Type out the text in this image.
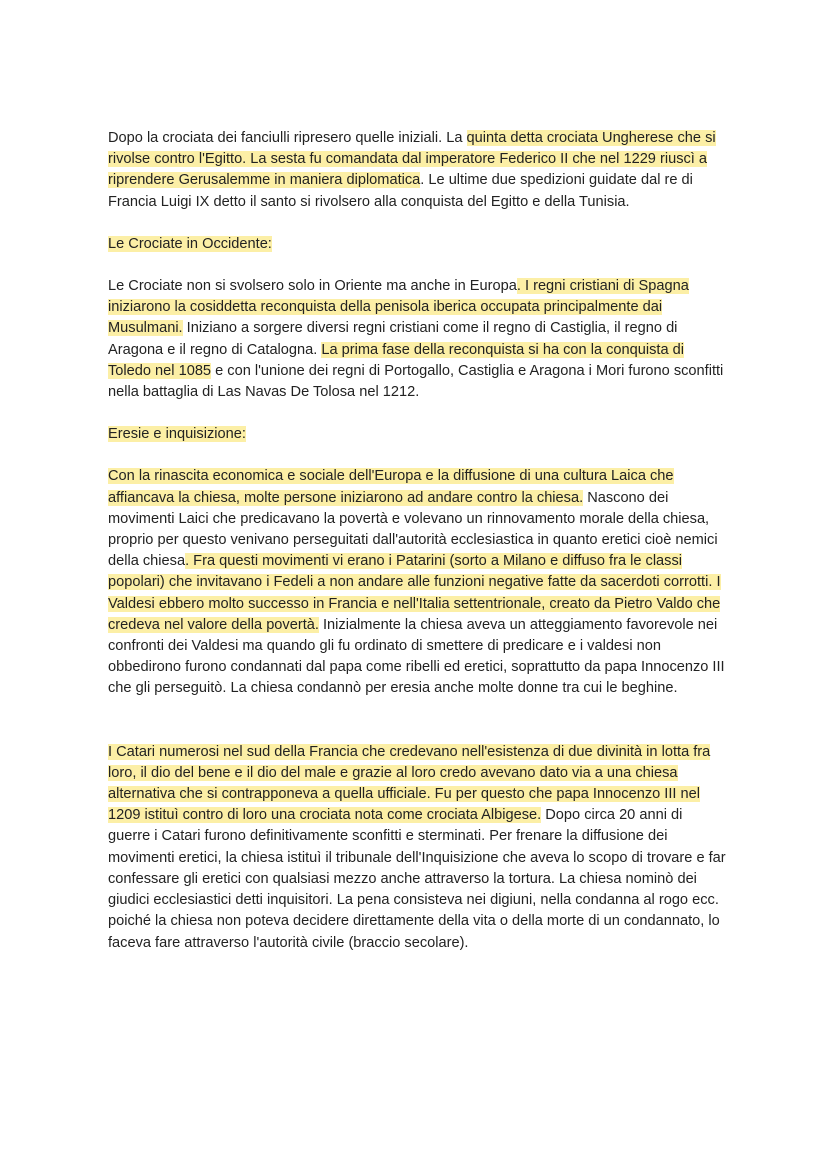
Dopo la crociata dei fanciulli ripresero quelle iniziali. La quinta detta crociata Ungherese che si rivolse contro l'Egitto. La sesta fu comandata dal imperatore Federico II che nel 1229 riuscì a riprendere Gerusalemme in maniera diplomatica. Le ultime due spedizioni guidate dal re di Francia Luigi IX detto il santo si rivolsero alla conquista del Egitto e della Tunisia.

Le Crociate in Occidente:

Le Crociate non si svolsero solo in Oriente ma anche in Europa. I regni cristiani di Spagna iniziarono la cosiddetta reconquista della penisola iberica occupata principalmente dai Musulmani. Iniziano a sorgere diversi regni cristiani come il regno di Castiglia, il regno di Aragona e il regno di Catalogna. La prima fase della reconquista si ha con la conquista di Toledo nel 1085 e con l'unione dei regni di Portogallo, Castiglia e Aragona i Mori furono sconfitti nella battaglia di Las Navas De Tolosa nel 1212.

Eresie e inquisizione:

Con la rinascita economica e sociale dell'Europa e la diffusione di una cultura Laica che affiancava la chiesa, molte persone iniziarono ad andare contro la chiesa. Nascono dei movimenti Laici che predicavano la povertà e volevano un rinnovamento morale della chiesa, proprio per questo venivano perseguitati dall'autorità ecclesiastica in quanto eretici cioè nemici della chiesa. Fra questi movimenti vi erano i Patarini (sorto a Milano e diffuso fra le classi popolari) che invitavano i Fedeli a non andare alle funzioni negative fatte da sacerdoti corrotti. I Valdesi ebbero molto successo in Francia e nell'Italia settentrionale, creato da Pietro Valdo che credeva nel valore della povertà. Inizialmente la chiesa aveva un atteggiamento favorevole nei confronti dei Valdesi ma quando gli fu ordinato di smettere di predicare e i valdesi non obbedirono furono condannati dal papa come ribelli ed eretici, soprattutto da papa Innocenzo III che gli perseguitò. La chiesa condannò per eresia anche molte donne tra cui le beghine.

I Catari numerosi nel sud della Francia che credevano nell'esistenza di due divinità in lotta fra loro, il dio del bene e il dio del male e grazie al loro credo avevano dato via a una chiesa alternativa che si contrapponeva a quella ufficiale. Fu per questo che papa Innocenzo III nel 1209 istituì contro di loro una crociata nota come crociata Albigese. Dopo circa 20 anni di guerre i Catari furono definitivamente sconfitti e sterminati. Per frenare la diffusione dei movimenti eretici, la chiesa istituì il tribunale dell'Inquisizione che aveva lo scopo di trovare e far confessare gli eretici con qualsiasi mezzo anche attraverso la tortura. La chiesa nominò dei giudici ecclesiastici detti inquisitori. La pena consisteva nei digiuni, nella condanna al rogo ecc. poiché la chiesa non poteva decidere direttamente della vita o della morte di un condannato, lo faceva fare attraverso l'autorità civile (braccio secolare).
